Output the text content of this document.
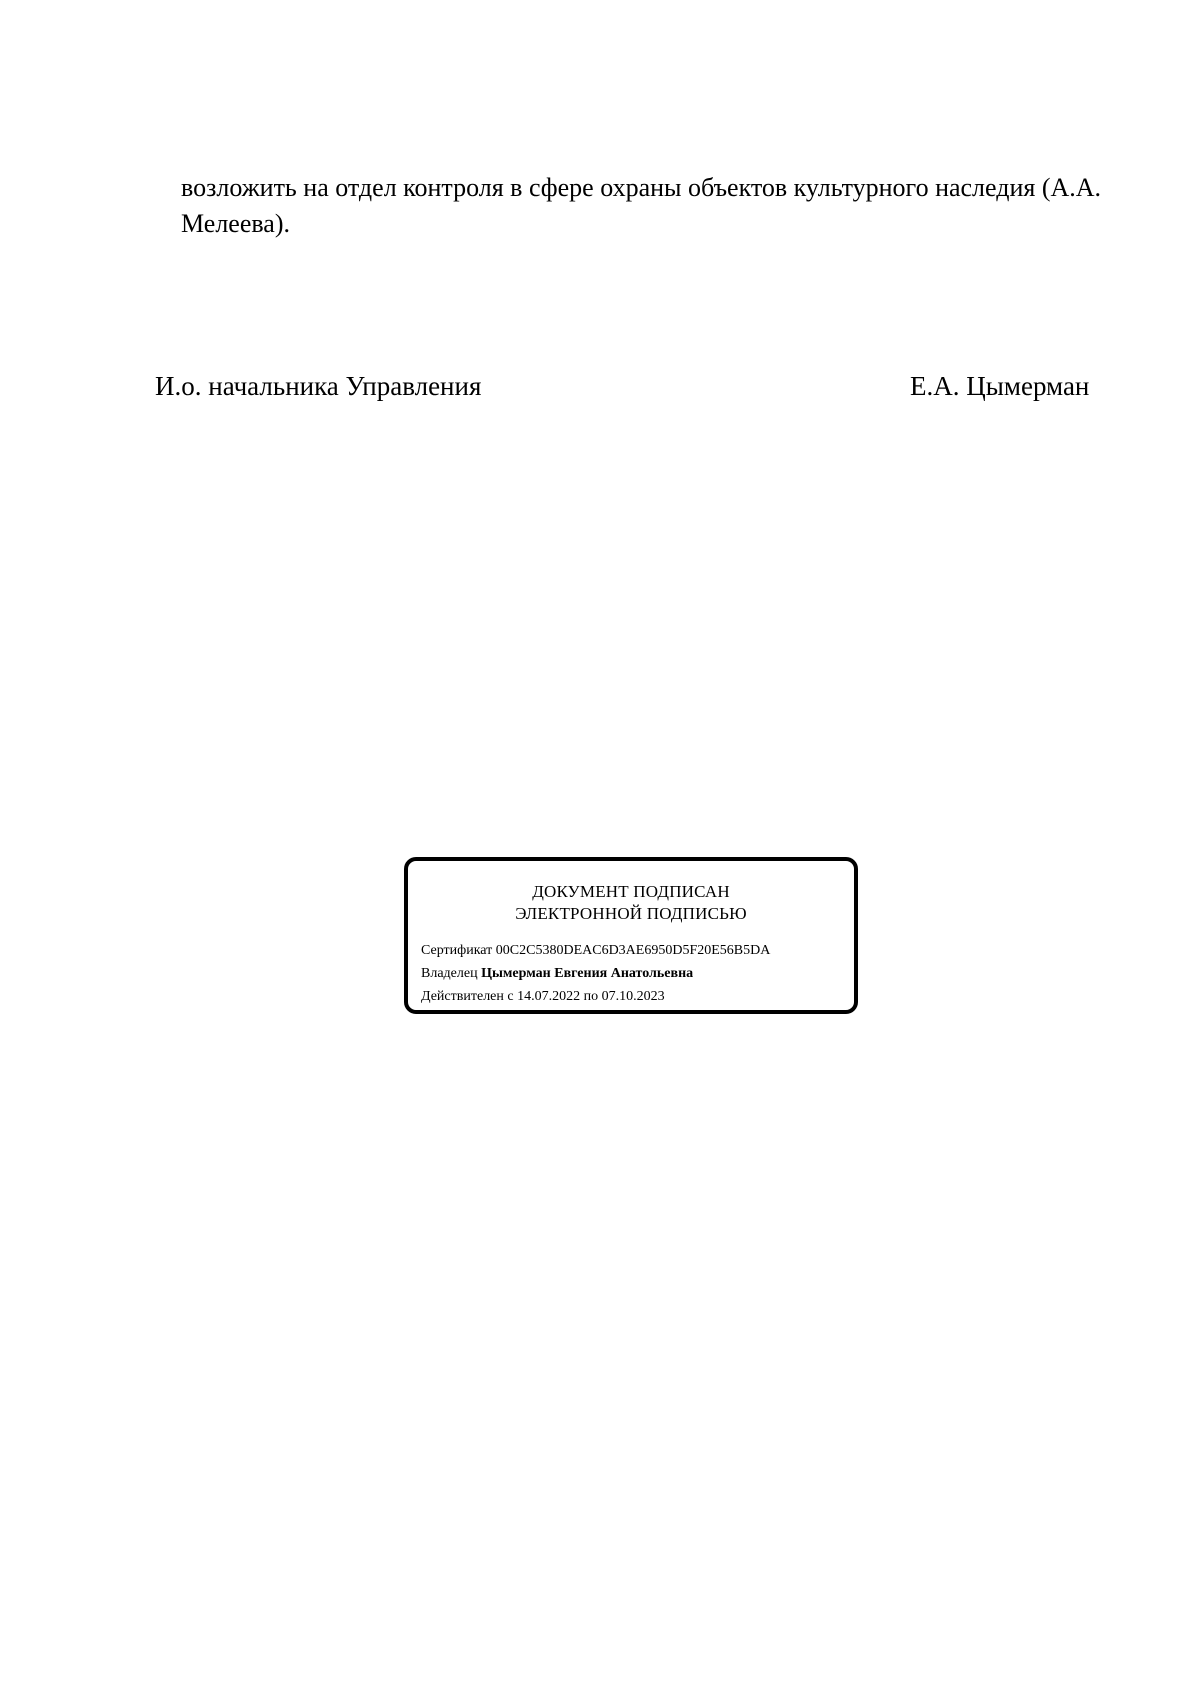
возложить на отдел контроля в сфере охраны объектов культурного наследия (А.А.
Мелеева).

И.о. начальника Управления	Е.А. Цымерман
ДОКУМЕНТ ПОДПИСАН
ЭЛЕКТРОННОЙ ПОДПИСЬЮ
Сертификат 00C2C5380DEAC6D3AE6950D5F20E56B5DA
Владелец Цымерман Евгения Анатольевна
Действителен с 14.07.2022 по 07.10.2023
